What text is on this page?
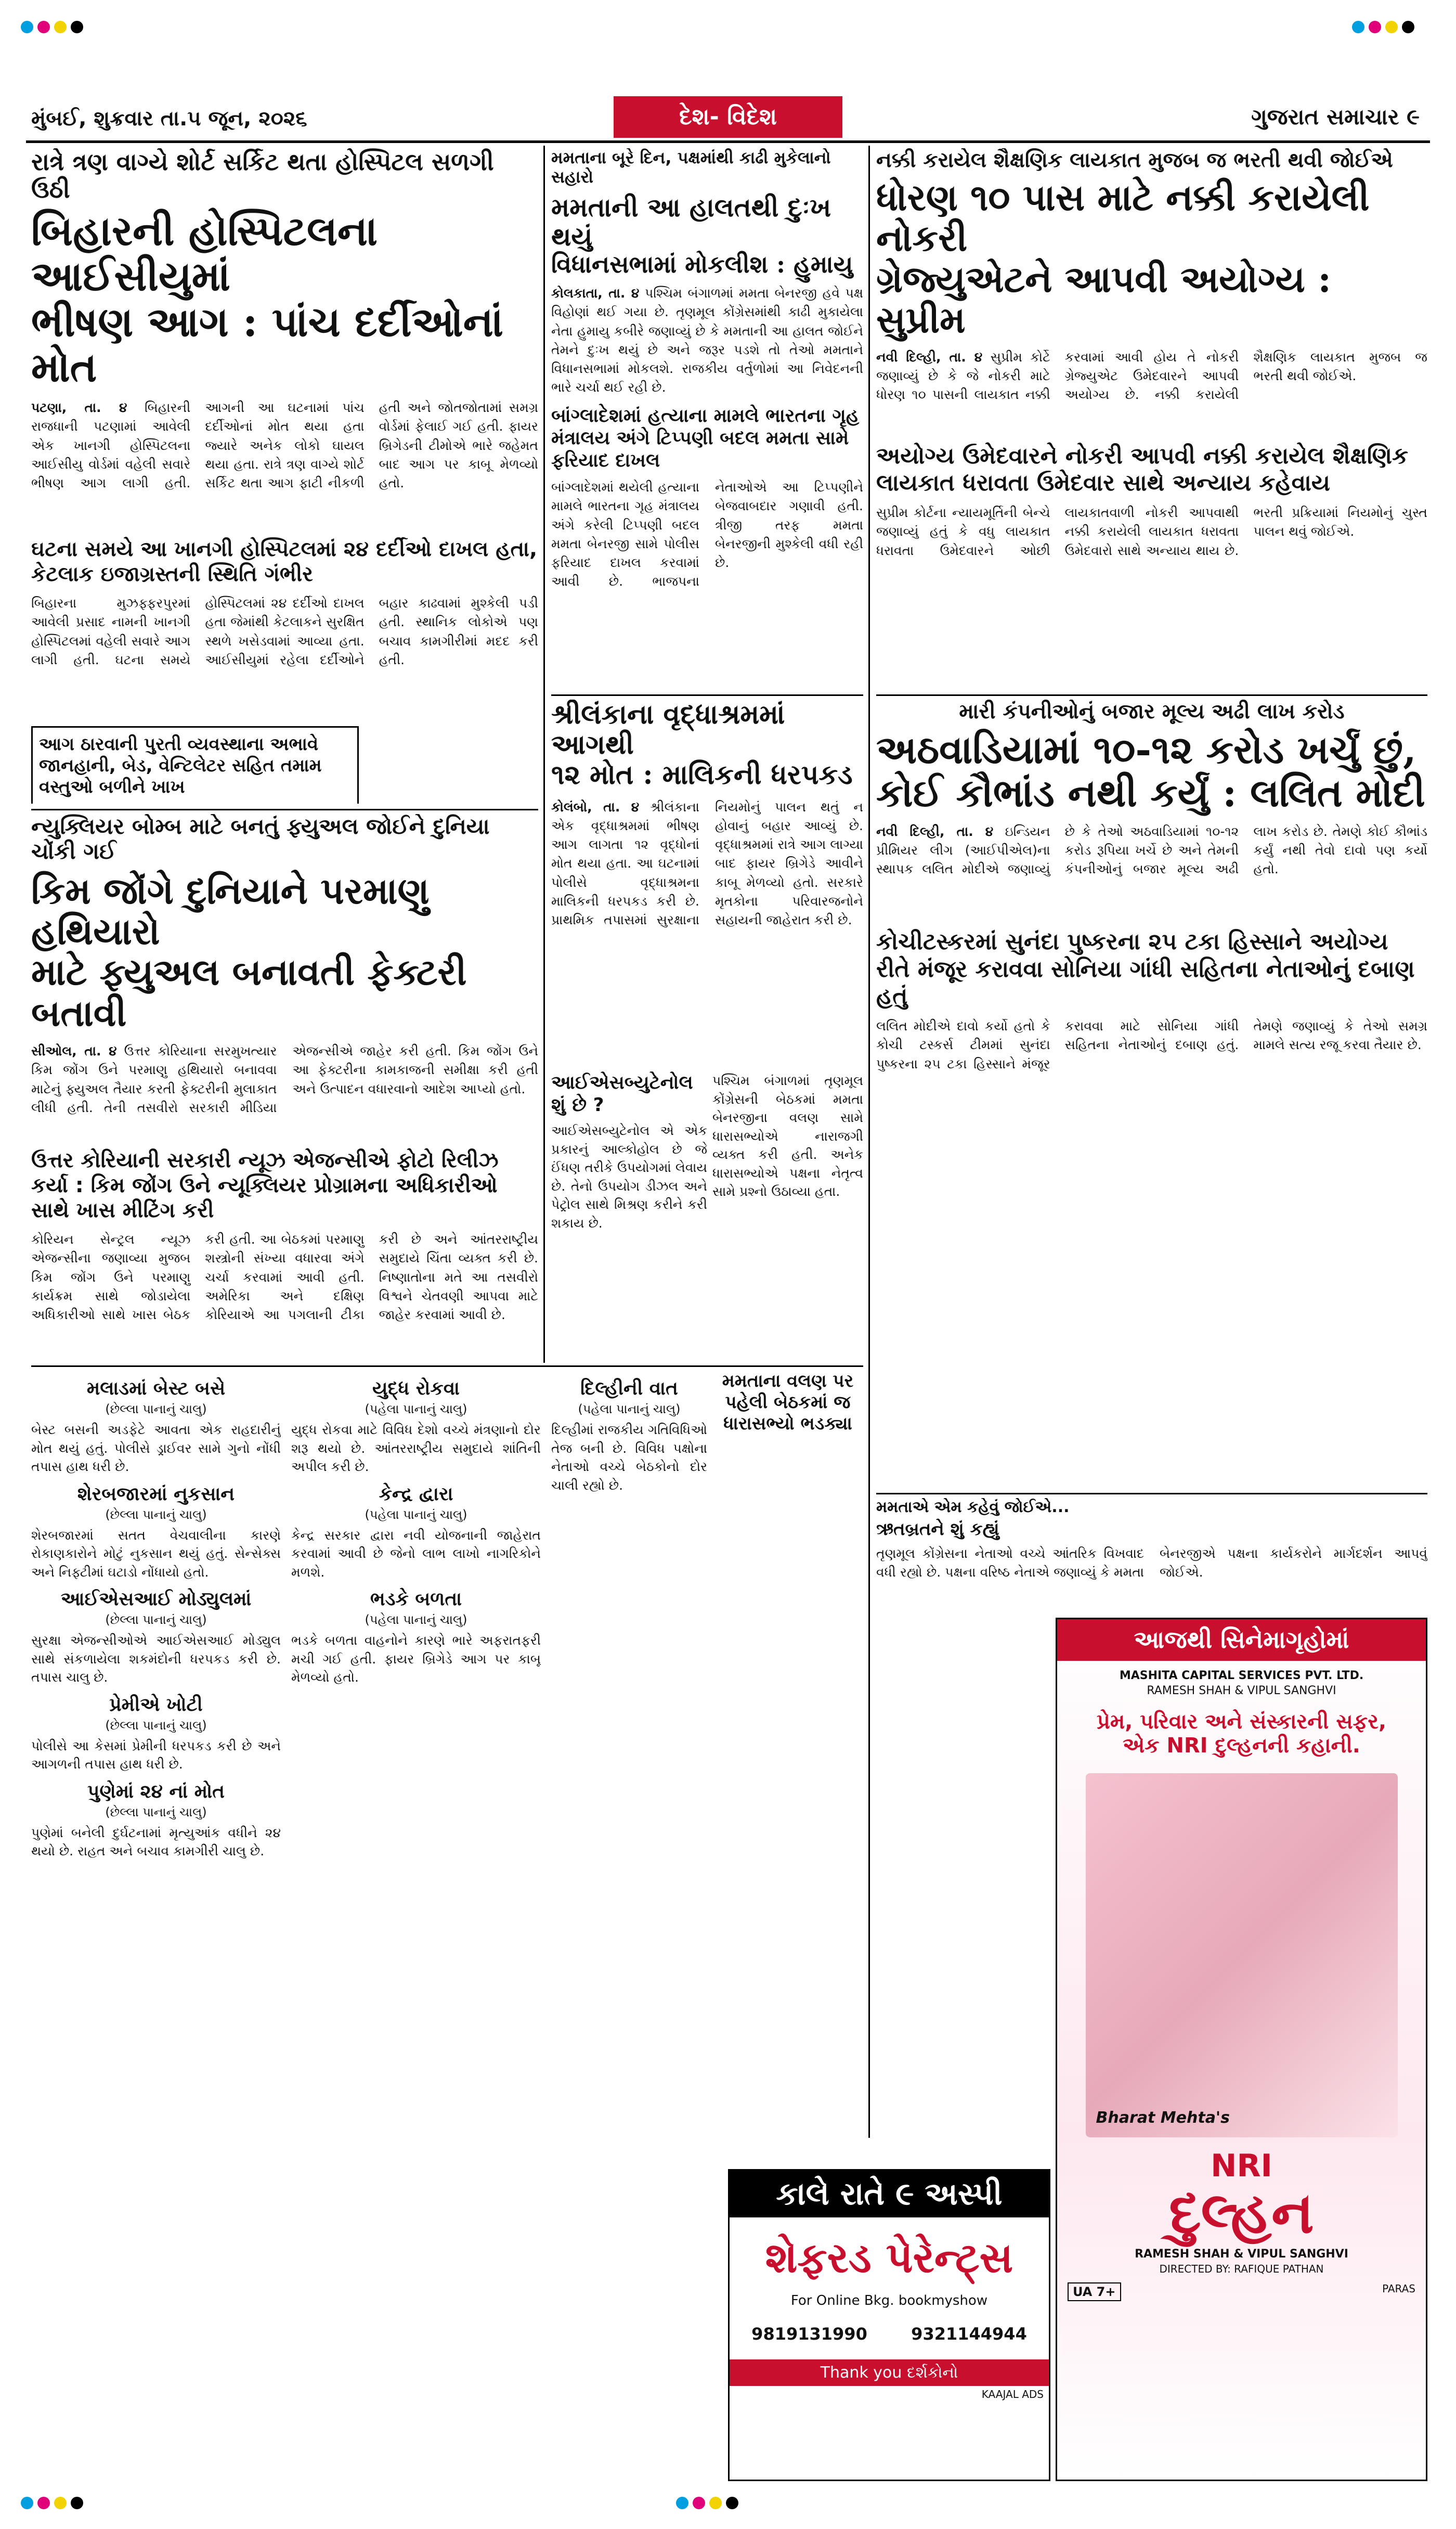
મુંબઈ, શુક્રવાર તા.૫ જૂન, ૨૦૨૬	દેશ- વિદેશ	ગુજરાત સમાચાર ૯
રાત્રે ત્રણ વાગ્યે શોર્ટ સર્કિટ થતા હોસ્પિટલ સળગી ઉઠી
બિહારની હોસ્પિટલના આઈસીયુમાં
ભીષણ આગ : પાંચ દર્દીઓનાં મોત
પટણા, તા. ૪ બિહારની રાજધાની પટણામાં આવેલી એક ખાનગી હોસ્પિટલના આઈસીયુ વોર્ડમાં વહેલી સવારે ભીષણ આગ લાગી હતી. આગની આ ઘટનામાં પાંચ દર્દીઓનાં મોત થયા હતા જ્યારે અનેક લોકો ઘાયલ થયા હતા. રાત્રે ત્રણ વાગ્યે શોર્ટ સર્કિટ થતા આગ ફાટી નીકળી હતી અને જોતજોતામાં સમગ્ર વોર્ડમાં ફેલાઈ ગઈ હતી. ફાયર બ્રિગેડની ટીમોએ ભારે જહેમત બાદ આગ પર કાબૂ મેળવ્યો હતો.
ઘટના સમયે આ ખાનગી હોસ્પિટલમાં ૨૪ દર્દીઓ દાખલ હતા, કેટલાક ઇજાગ્રસ્તની સ્થિતિ ગંભીર
બિહારના મુઝફ્ફરપુરમાં આવેલી પ્રસાદ નામની ખાનગી હોસ્પિટલમાં વહેલી સવારે આગ લાગી હતી. ઘટના સમયે હોસ્પિટલમાં ૨૪ દર્દીઓ દાખલ હતા જેમાંથી કેટલાકને સુરક્ષિત સ્થળે ખસેડવામાં આવ્યા હતા. આઈસીયુમાં રહેલા દર્દીઓને બહાર કાઢવામાં મુશ્કેલી પડી હતી. સ્થાનિક લોકોએ પણ બચાવ કામગીરીમાં મદદ કરી હતી.
આગ ઠારવાની પુરતી વ્યવસ્થાના અભાવે જાનહાની, બેડ, વેન્ટિલેટર સહિત તમામ વસ્તુઓ બળીને ખાખ
ન્યુક્લિયર બોમ્બ માટે બનતું ફ્યુઅલ જોઈને દુનિયા ચોંકી ગઈ
કિમ જોંગે દુનિયાને પરમાણુ હથિયારો
માટે ફ્યુઅલ બનાવતી ફેક્ટરી બતાવી
સીઓલ, તા. ૪ ઉત્તર કોરિયાના સરમુખત્યાર કિમ જોંગ ઉને પરમાણુ હથિયારો બનાવવા માટેનું ફ્યુઅલ તૈયાર કરતી ફેક્ટરીની મુલાકાત લીધી હતી. તેની તસવીરો સરકારી મીડિયા એજન્સીએ જાહેર કરી હતી. કિમ જોંગ ઉને આ ફેક્ટરીના કામકાજની સમીક્ષા કરી હતી અને ઉત્પાદન વધારવાનો આદેશ આપ્યો હતો.
ઉત્તર કોરિયાની સરકારી ન્યૂઝ એજન્સીએ ફોટો રિલીઝ કર્યા : કિમ જોંગ ઉને ન્યૂક્લિયર પ્રોગ્રામના અધિકારીઓ સાથે ખાસ મીટિંગ કરી
કોરિયન સેન્ટ્રલ ન્યૂઝ એજન્સીના જણાવ્યા મુજબ કિમ જોંગ ઉને પરમાણુ કાર્યક્રમ સાથે જોડાયેલા અધિકારીઓ સાથે ખાસ બેઠક કરી હતી. આ બેઠકમાં પરમાણુ શસ્ત્રોની સંખ્યા વધારવા અંગે ચર્ચા કરવામાં આવી હતી. અમેરિકા અને દક્ષિણ કોરિયાએ આ પગલાની ટીકા કરી છે અને આંતરરાષ્ટ્રીય સમુદાયે ચિંતા વ્યક્ત કરી છે. નિષ્ણાતોના મતે આ તસવીરો વિશ્વને ચેતવણી આપવા માટે જાહેર કરવામાં આવી છે.
મમતાના બૂરે દિન, પક્ષમાંથી કાઢી મુકેલાનો સહારો
મમતાની આ હાલતથી દુઃખ થયું
વિધાનસભામાં મોકલીશ : હુમાયુ
કોલકાતા, તા. ૪ પશ્ચિમ બંગાળમાં મમતા બેનરજી હવે પક્ષ વિહોણાં થઈ ગયા છે. તૃણમૂલ કોંગ્રેસમાંથી કાઢી મુકાયેલા નેતા હુમાયુ કબીરે જણાવ્યું છે કે મમતાની આ હાલત જોઈને તેમને દુઃખ થયું છે અને જરૂર પડશે તો તેઓ મમતાને વિધાનસભામાં મોકલશે. રાજકીય વર્તુળોમાં આ નિવેદનની ભારે ચર્ચા થઈ રહી છે.
બાંગ્લાદેશમાં હત્યાના મામલે ભારતના ગૃહ મંત્રાલય અંગે ટિપ્પણી બદલ મમતા સામે ફરિયાદ દાખલ
બાંગ્લાદેશમાં થયેલી હત્યાના મામલે ભારતના ગૃહ મંત્રાલય અંગે કરેલી ટિપ્પણી બદલ મમતા બેનરજી સામે પોલીસ ફરિયાદ દાખલ કરવામાં આવી છે. ભાજપના નેતાઓએ આ ટિપ્પણીને બેજવાબદાર ગણાવી હતી. ત્રીજી તરફ મમતા બેનરજીની મુશ્કેલી વધી રહી છે.
શ્રીલંકાના વૃદ્ધાશ્રમમાં આગથી
૧૨ મોત : માલિકની ધરપકડ
કોલંબો, તા. ૪ શ્રીલંકાના એક વૃદ્ધાશ્રમમાં ભીષણ આગ લાગતા ૧૨ વૃદ્ધોનાં મોત થયા હતા. આ ઘટનામાં પોલીસે વૃદ્ધાશ્રમના માલિકની ધરપકડ કરી છે. પ્રાથમિક તપાસમાં સુરક્ષાના નિયમોનું પાલન થતું ન હોવાનું બહાર આવ્યું છે. વૃદ્ધાશ્રમમાં રાત્રે આગ લાગ્યા બાદ ફાયર બ્રિગેડે આવીને કાબૂ મેળવ્યો હતો. સરકારે મૃતકોના પરિવારજનોને સહાયની જાહેરાત કરી છે.
આઈએસબ્યુટેનોલ શું છે ?
આઈએસબ્યુટેનોલ એ એક પ્રકારનું આલ્કોહોલ છે જે ઈંધણ તરીકે ઉપયોગમાં લેવાય છે. તેનો ઉપયોગ ડીઝલ અને પેટ્રોલ સાથે મિશ્રણ કરીને કરી શકાય છે.
પશ્ચિમ બંગાળમાં તૃણમૂલ કોંગ્રેસની બેઠકમાં મમતા બેનરજીના વલણ સામે ધારાસભ્યોએ નારાજગી વ્યક્ત કરી હતી. અનેક ધારાસભ્યોએ પક્ષના નેતૃત્વ સામે પ્રશ્નો ઉઠાવ્યા હતા.
નક્કી કરાયેલ શૈક્ષણિક લાયકાત મુજબ જ ભરતી થવી જોઈએ
ધોરણ ૧૦ પાસ માટે નક્કી કરાયેલી નોકરી
ગ્રેજ્યુએટને આપવી અયોગ્ય : સુપ્રીમ
નવી દિલ્હી, તા. ૪ સુપ્રીમ કોર્ટે જણાવ્યું છે કે જે નોકરી માટે ધોરણ ૧૦ પાસની લાયકાત નક્કી કરવામાં આવી હોય તે નોકરી ગ્રેજ્યુએટ ઉમેદવારને આપવી અયોગ્ય છે. નક્કી કરાયેલી શૈક્ષણિક લાયકાત મુજબ જ ભરતી થવી જોઈએ.
અયોગ્ય ઉમેદવારને નોકરી આપવી નક્કી કરાયેલ શૈક્ષણિક લાયકાત ધરાવતા ઉમેદવાર સાથે અન્યાય કહેવાય
સુપ્રીમ કોર્ટના ન્યાયમૂર્તિની બેન્ચે જણાવ્યું હતું કે વધુ લાયકાત ધરાવતા ઉમેદવારને ઓછી લાયકાતવાળી નોકરી આપવાથી નક્કી કરાયેલી લાયકાત ધરાવતા ઉમેદવારો સાથે અન્યાય થાય છે. ભરતી પ્રક્રિયામાં નિયમોનું ચુસ્ત પાલન થવું જોઈએ.
મારી કંપનીઓનું બજાર મૂલ્ય અઢી લાખ કરોડ
અઠવાડિયામાં ૧૦-૧૨ કરોડ ખર્ચું છું,
કોઈ કૌભાંડ નથી કર્યું : લલિત મોદી
નવી દિલ્હી, તા. ૪ ઇન્ડિયન પ્રીમિયર લીગ (આઈપીએલ)ના સ્થાપક લલિત મોદીએ જણાવ્યું છે કે તેઓ અઠવાડિયામાં ૧૦-૧૨ કરોડ રૂપિયા ખર્ચે છે અને તેમની કંપનીઓનું બજાર મૂલ્ય અઢી લાખ કરોડ છે. તેમણે કોઈ કૌભાંડ કર્યું નથી તેવો દાવો પણ કર્યો હતો.
કોચીટસ્કરમાં સુનંદા પુષ્કરના ૨૫ ટકા હિસ્સાને અયોગ્ય રીતે મંજૂર કરાવવા સોનિયા ગાંધી સહિતના નેતાઓનું દબાણ હતું
લલિત મોદીએ દાવો કર્યો હતો કે કોચી ટસ્કર્સ ટીમમાં સુનંદા પુષ્કરના ૨૫ ટકા હિસ્સાને મંજૂર કરાવવા માટે સોનિયા ગાંધી સહિતના નેતાઓનું દબાણ હતું. તેમણે જણાવ્યું કે તેઓ સમગ્ર મામલે સત્ય રજૂ કરવા તૈયાર છે.
મમતાએ એમ કહેવું જોઈએ...
ઋતબ્રતને શું કહ્યું
તૃણમૂલ કોંગ્રેસના નેતાઓ વચ્ચે આંતરિક વિખવાદ વધી રહ્યો છે. પક્ષના વરિષ્ઠ નેતાએ જણાવ્યું કે મમતા બેનરજીએ પક્ષના કાર્યકરોને માર્ગદર્શન આપવું જોઈએ.
મલાડમાં બેસ્ટ બસે
(છેલ્લા પાનાનું ચાલુ)
બેસ્ટ બસની અડફેટે આવતા એક રાહદારીનું મોત થયું હતું. પોલીસે ડ્રાઈવર સામે ગુનો નોંધી તપાસ હાથ ધરી છે.
શેરબજારમાં નુકસાન
(છેલ્લા પાનાનું ચાલુ)
શેરબજારમાં સતત વેચવાલીના કારણે રોકાણકારોને મોટું નુકસાન થયું હતું. સેન્સેક્સ અને નિફ્ટીમાં ઘટાડો નોંધાયો હતો.
આઈએસઆઈ મોડ્યુલમાં
(છેલ્લા પાનાનું ચાલુ)
સુરક્ષા એજન્સીઓએ આઈએસઆઈ મોડ્યુલ સાથે સંકળાયેલા શકમંદોની ધરપકડ કરી છે. તપાસ ચાલુ છે.
પ્રેમીએ ખોટી
(છેલ્લા પાનાનું ચાલુ)
પોલીસે આ કેસમાં પ્રેમીની ધરપકડ કરી છે અને આગળની તપાસ હાથ ધરી છે.
પુણેમાં ૨૪ નાં મોત
(છેલ્લા પાનાનું ચાલુ)
પુણેમાં બનેલી દુર્ઘટનામાં મૃત્યુઆંક વધીને ૨૪ થયો છે. રાહત અને બચાવ કામગીરી ચાલુ છે.
યુદ્ધ રોકવા
(પહેલા પાનાનું ચાલુ)
યુદ્ધ રોકવા માટે વિવિધ દેશો વચ્ચે મંત્રણાનો દોર શરૂ થયો છે. આંતરરાષ્ટ્રીય સમુદાયે શાંતિની અપીલ કરી છે.
કેન્દ્ર દ્વારા
(પહેલા પાનાનું ચાલુ)
કેન્દ્ર સરકાર દ્વારા નવી યોજનાની જાહેરાત કરવામાં આવી છે જેનો લાભ લાખો નાગરિકોને મળશે.
ભડકે બળતા
(પહેલા પાનાનું ચાલુ)
ભડકે બળતા વાહનોને કારણે ભારે અફરાતફરી મચી ગઈ હતી. ફાયર બ્રિગેડે આગ પર કાબૂ મેળવ્યો હતો.
દિલ્હીની વાત
(પહેલા પાનાનું ચાલુ)
દિલ્હીમાં રાજકીય ગતિવિધિઓ તેજ બની છે. વિવિધ પક્ષોના નેતાઓ વચ્ચે બેઠકોનો દોર ચાલી રહ્યો છે.
મમતાના વલણ પર પહેલી બેઠકમાં જ ધારાસભ્યો ભડક્યા
કાલે રાતે ૯ અસ્પી
શેફરડ પેરેન્ટ્સ
For Online Bkg. bookmyshow
9819131990	9321144944
Thank you દર્શકોનો
KAAJAL ADS
આજથી સિનેમાગૃહોમાં
MASHITA CAPITAL SERVICES PVT. LTD.
RAMESH SHAH & VIPUL SANGHVI
પ્રેમ, પરિવાર અને સંસ્કારની સફર,
એક NRI દુલ્હનની કહાની.
Bharat Mehta's
NRI
દુલ્હન
RAMESH SHAH & VIPUL SANGHVI
DIRECTED BY: RAFIQUE PATHAN
UA 7+	PARAS
